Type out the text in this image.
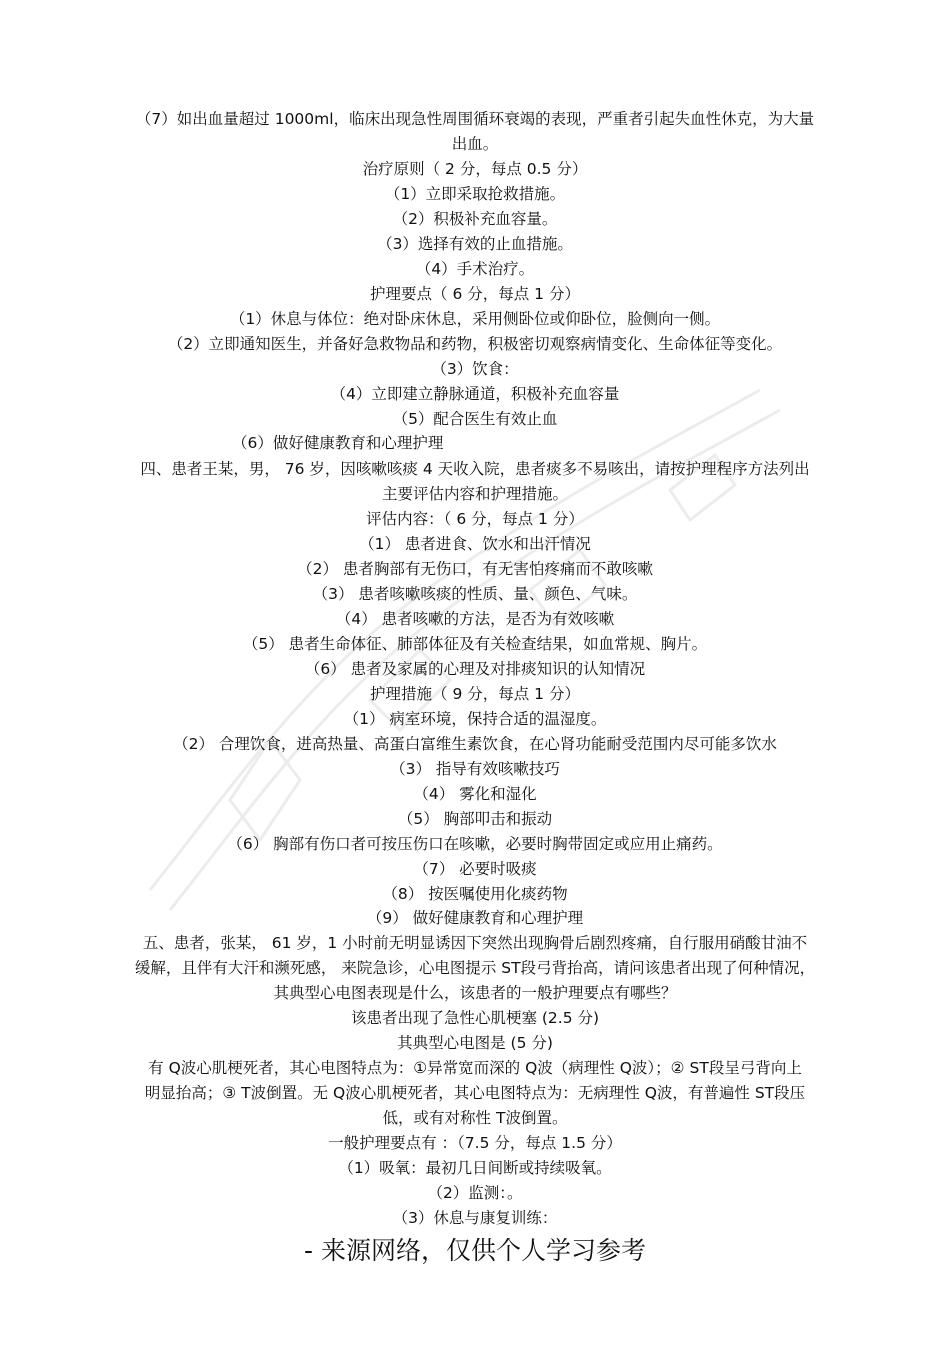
（7）如出血量超过 1000ml，临床出现急性周围循环衰竭的表现，严重者引起失血性休克，为大量
出血。
治疗原则（ 2 分，每点 0.5 分）
（1）立即采取抢救措施。
（2）积极补充血容量。
（3）选择有效的止血措施。
（4）手术治疗。
护理要点（ 6 分，每点 1 分）
（1）休息与体位：绝对卧床休息，采用侧卧位或仰卧位，脸侧向一侧。
（2）立即通知医生，并备好急救物品和药物，积极密切观察病情变化、生命体征等变化。
（3）饮食：
（4）立即建立静脉通道，积极补充血容量
（5）配合医生有效止血
（6）做好健康教育和心理护理
四、患者王某，男， 76 岁，因咳嗽咳痰 4 天收入院，患者痰多不易咳出，请按护理程序方法列出
主要评估内容和护理措施。
评估内容：（ 6 分，每点 1 分）
（1） 患者进食、饮水和出汗情况
（2） 患者胸部有无伤口，有无害怕疼痛而不敢咳嗽
（3） 患者咳嗽咳痰的性质、量、颜色、气味。
（4） 患者咳嗽的方法，是否为有效咳嗽
（5） 患者生命体征、肺部体征及有关检查结果，如血常规、胸片。
（6） 患者及家属的心理及对排痰知识的认知情况
护理措施（ 9 分，每点 1 分）
（1） 病室环境，保持合适的温湿度。
（2） 合理饮食，进高热量、高蛋白富维生素饮食，在心肾功能耐受范围内尽可能多饮水
（3） 指导有效咳嗽技巧
（4） 雾化和湿化
（5） 胸部叩击和振动
（6） 胸部有伤口者可按压伤口在咳嗽，必要时胸带固定或应用止痛药。
（7） 必要时吸痰
（8） 按医嘱使用化痰药物
（9） 做好健康教育和心理护理
五、患者，张某， 61 岁，1 小时前无明显诱因下突然出现胸骨后剧烈疼痛，自行服用硝酸甘油不
缓解，且伴有大汗和濒死感， 来院急诊，心电图提示 ST段弓背抬高，请问该患者出现了何种情况，
其典型心电图表现是什么，该患者的一般护理要点有哪些？
该患者出现了急性心肌梗塞 (2.5 分)
其典型心电图是 (5 分)
有 Q波心肌梗死者，其心电图特点为：①异常宽而深的 Q波（病理性 Q波）；② ST段呈弓背向上
明显抬高；③ T波倒置。无 Q波心肌梗死者，其心电图特点为：无病理性 Q波，有普遍性 ST段压
低，或有对称性 T波倒置。
一般护理要点有 ：（7.5 分，每点 1.5 分）
（1）吸氧：最初几日间断或持续吸氧。
（2）监测：。
（3）休息与康复训练：
- 来源网络，仅供个人学习参考
